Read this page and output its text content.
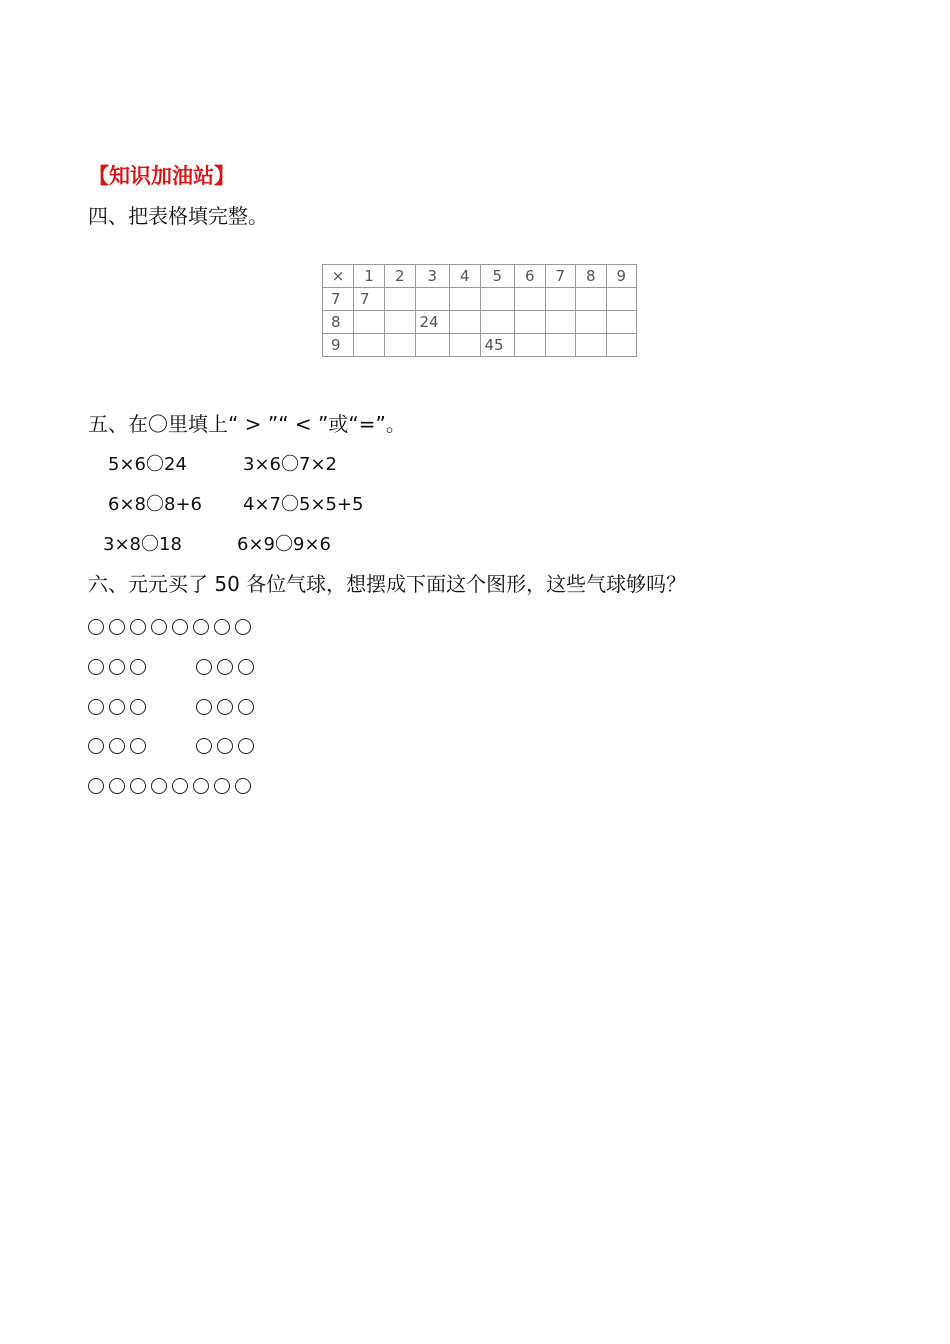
【知识加油站】
四、把表格填完整。
×	1	2	3	4	5	6	7	8	9
7	7								
8			24						
9					45				
五、在〇里填上“ > ”“ < ”或“=”。
5×6〇24	3×6〇7×2
6×8〇8+6 4×7〇5×5+5
3×8〇18	6×9〇9×6
六、元元买了 50 各位气球，想摆成下面这个图形，这些气球够吗？
